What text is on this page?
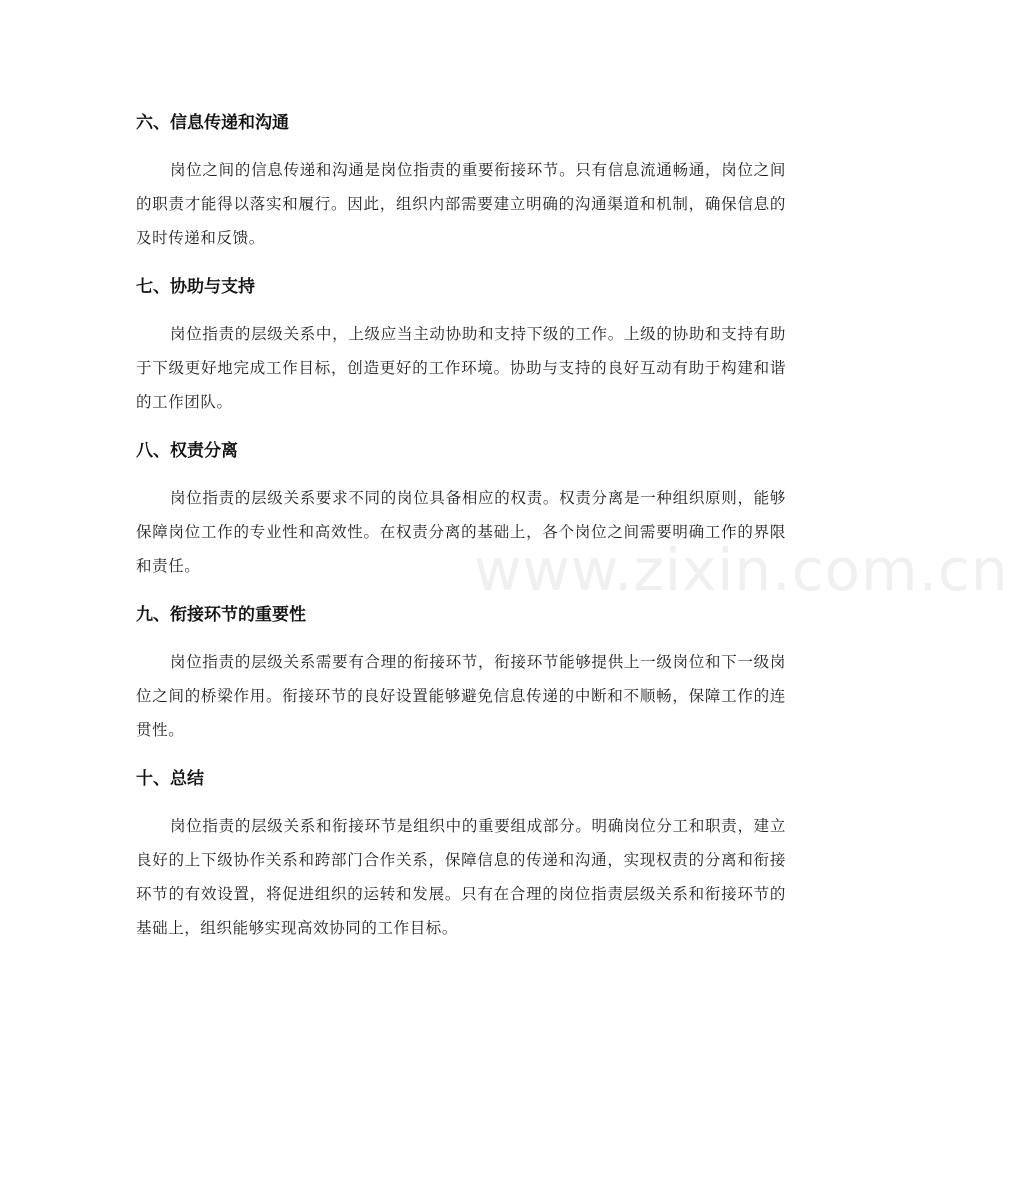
www.zixin.com.cn
六、信息传递和沟通

岗位之间的信息传递和沟通是岗位指责的重要衔接环节。只有信息流通畅通，岗位之间的职责才能得以落实和履行。因此，组织内部需要建立明确的沟通渠道和机制，确保信息的及时传递和反馈。

七、协助与支持

岗位指责的层级关系中，上级应当主动协助和支持下级的工作。上级的协助和支持有助于下级更好地完成工作目标，创造更好的工作环境。协助与支持的良好互动有助于构建和谐的工作团队。

八、权责分离

岗位指责的层级关系要求不同的岗位具备相应的权责。权责分离是一种组织原则，能够保障岗位工作的专业性和高效性。在权责分离的基础上，各个岗位之间需要明确工作的界限和责任。

九、衔接环节的重要性

岗位指责的层级关系需要有合理的衔接环节，衔接环节能够提供上一级岗位和下一级岗位之间的桥梁作用。衔接环节的良好设置能够避免信息传递的中断和不顺畅，保障工作的连贯性。

十、总结

岗位指责的层级关系和衔接环节是组织中的重要组成部分。明确岗位分工和职责，建立良好的上下级协作关系和跨部门合作关系，保障信息的传递和沟通，实现权责的分离和衔接环节的有效设置，将促进组织的运转和发展。只有在合理的岗位指责层级关系和衔接环节的基础上，组织能够实现高效协同的工作目标。
